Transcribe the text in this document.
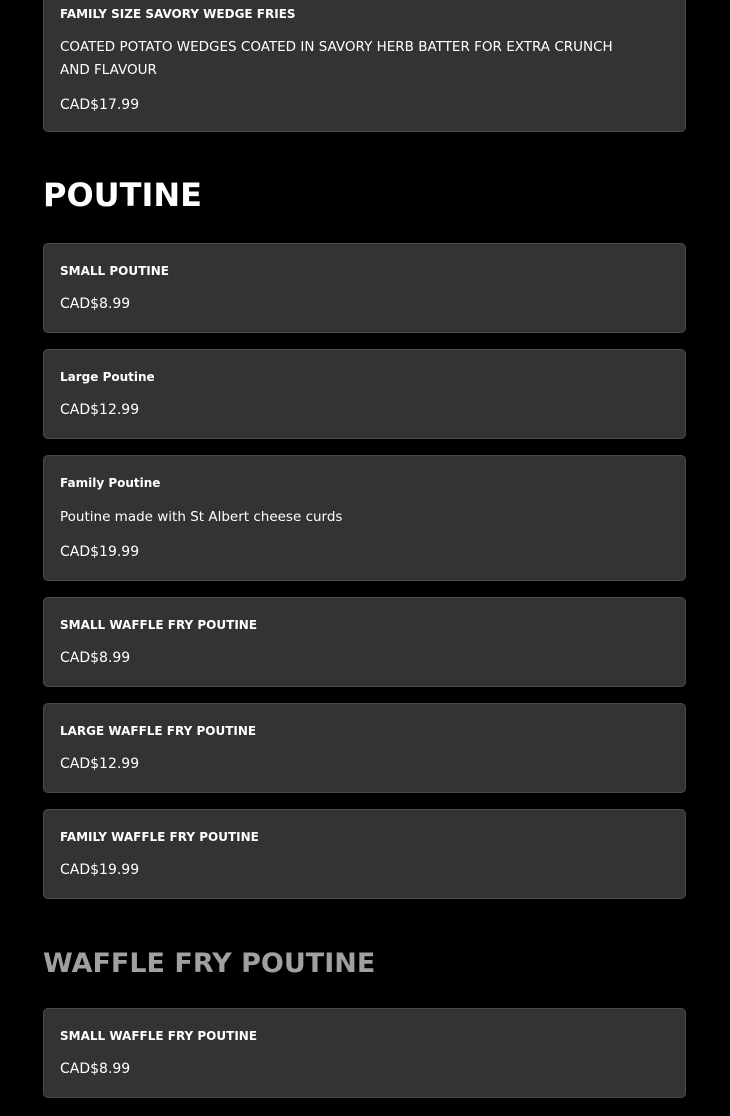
FAMILY SIZE SAVORY WEDGE FRIES
COATED POTATO WEDGES COATED IN SAVORY HERB BATTER FOR EXTRA CRUNCH AND FLAVOUR
CAD$17.99
POUTINE
SMALL POUTINE
CAD$8.99
Large Poutine
CAD$12.99
Family Poutine
Poutine made with St Albert cheese curds
CAD$19.99
SMALL WAFFLE FRY POUTINE
CAD$8.99
LARGE WAFFLE FRY POUTINE
CAD$12.99
FAMILY WAFFLE FRY POUTINE
CAD$19.99
WAFFLE FRY POUTINE
SMALL WAFFLE FRY POUTINE
CAD$8.99
